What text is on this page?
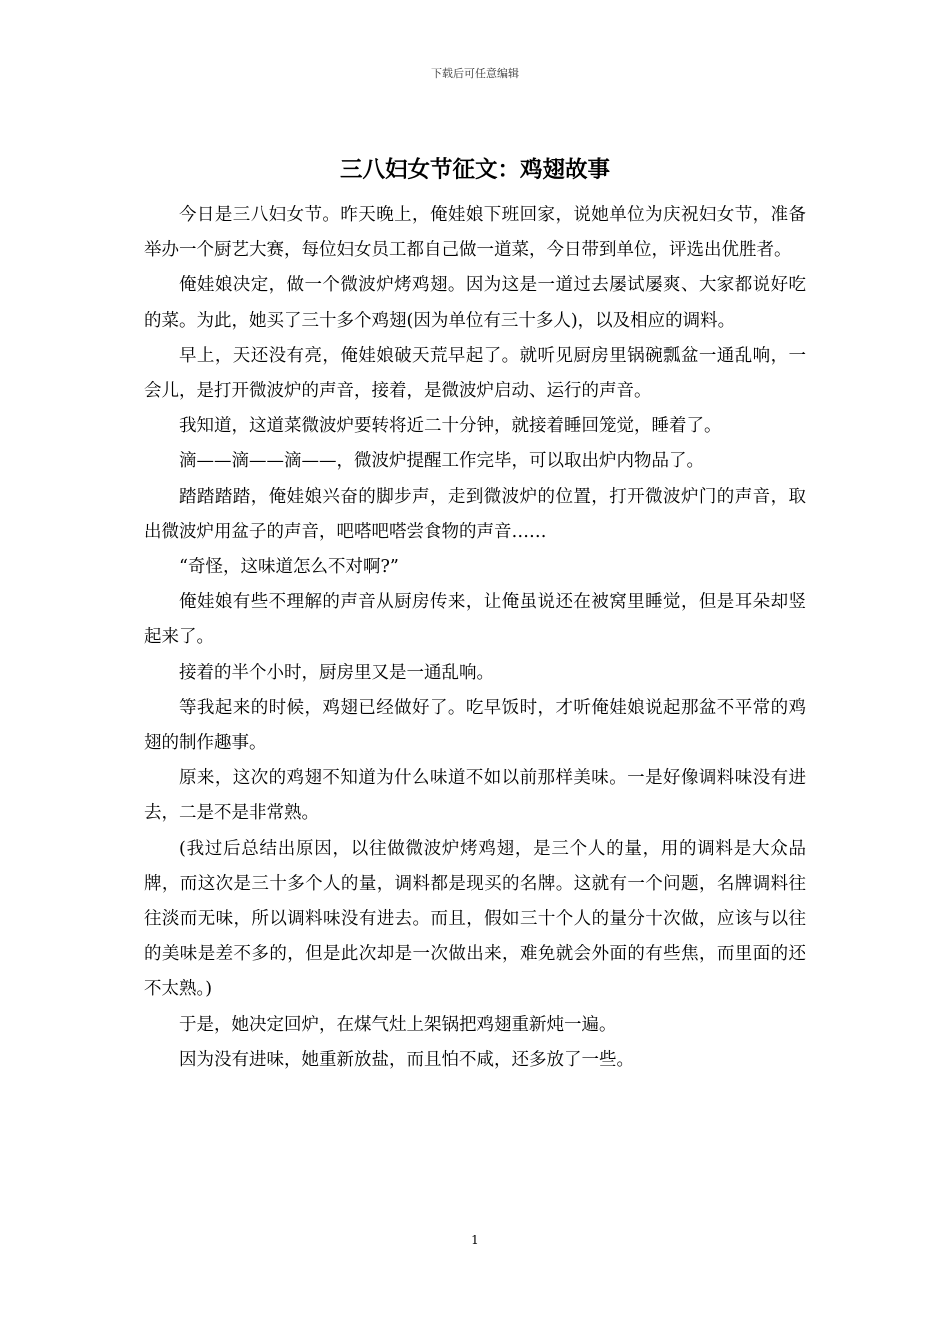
下载后可任意编辑
三八妇女节征文：鸡翅故事

今日是三八妇女节。昨天晚上，俺娃娘下班回家，说她单位为庆祝妇女节，准备举办一个厨艺大赛，每位妇女员工都自己做一道菜，今日带到单位，评选出优胜者。

俺娃娘决定，做一个微波炉烤鸡翅。因为这是一道过去屡试屡爽、大家都说好吃的菜。为此，她买了三十多个鸡翅(因为单位有三十多人)，以及相应的调料。

早上，天还没有亮，俺娃娘破天荒早起了。就听见厨房里锅碗瓢盆一通乱响，一会儿，是打开微波炉的声音，接着，是微波炉启动、运行的声音。

我知道，这道菜微波炉要转将近二十分钟，就接着睡回笼觉，睡着了。

滴——滴——滴——，微波炉提醒工作完毕，可以取出炉内物品了。

踏踏踏踏，俺娃娘兴奋的脚步声，走到微波炉的位置，打开微波炉门的声音，取出微波炉用盆子的声音，吧嗒吧嗒尝食物的声音……

“奇怪，这味道怎么不对啊?”

俺娃娘有些不理解的声音从厨房传来，让俺虽说还在被窝里睡觉，但是耳朵却竖起来了。

接着的半个小时，厨房里又是一通乱响。

等我起来的时候，鸡翅已经做好了。吃早饭时，才听俺娃娘说起那盆不平常的鸡翅的制作趣事。

原来，这次的鸡翅不知道为什么味道不如以前那样美味。一是好像调料味没有进去，二是不是非常熟。

(我过后总结出原因，以往做微波炉烤鸡翅，是三个人的量，用的调料是大众品牌，而这次是三十多个人的量，调料都是现买的名牌。这就有一个问题，名牌调料往往淡而无味，所以调料味没有进去。而且，假如三十个人的量分十次做，应该与以往的美味是差不多的，但是此次却是一次做出来，难免就会外面的有些焦，而里面的还不太熟。)

于是，她决定回炉，在煤气灶上架锅把鸡翅重新炖一遍。

因为没有进味，她重新放盐，而且怕不咸，还多放了一些。

1
